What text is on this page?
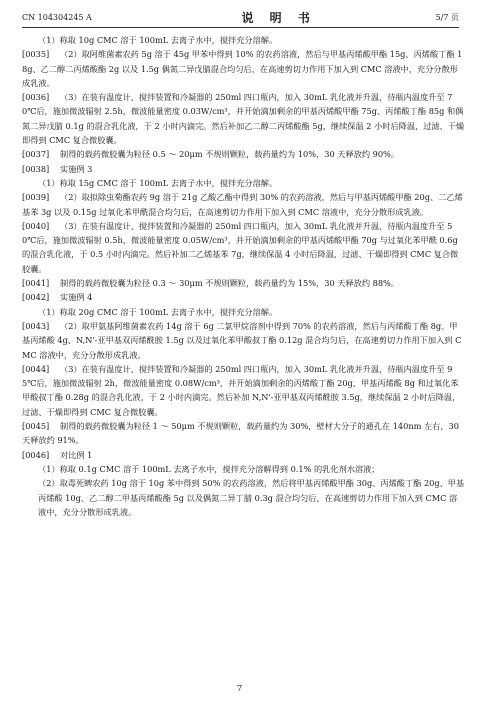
CN 104304245 A	说 明 书	5/7 页

（1）称取 10g CMC 溶于 100mL 去离子水中，搅拌充分溶解。

[0035] （2）取阿维菌素农药 5g 溶于 45g 甲苯中得到 10% 的农药溶液，然后与甲基丙烯酸甲酯 15g、丙烯酸丁酯 18g、乙二醇二丙烯酸酯 2g 以及 1.5g 偶氮二异戊腈混合均匀后，在高速剪切力作用下加入到 CMC 溶液中，充分分散形成乳液。

[0036] （3）在装有温度计、搅拌装置和冷凝器的 250ml 四口瓶内，加入 30mL 乳化液并升温，待瓶内温度升至 70℃后，施加微波辐射 2.5h，微波能量密度 0.03W/cm³，并开始滴加剩余的甲基丙烯酸甲酯 75g、丙烯酸丁酯 85g 和偶氮二异戊腈 0.1g 的混合乳化液，于 2 小时内滴完。然后补加乙二醇二丙烯酸酯 5g，继续保温 2 小时后降温，过滤、干燥即得到 CMC 复合微胶囊。

[0037] 制得的载药微胶囊为粒径 0.5 ～ 20μm 不规则颗粒，载药量约为 10%，30 天释放约 90%。

[0038] 实施例 3

（1）称取 15g CMC 溶于 100mL 去离子水中，搅拌充分溶解。

[0039] （2）取拟除虫菊酯农药 9g 溶于 21g 乙酸乙酯中得到 30% 的农药溶液，然后与甲基丙烯酸甲酯 20g、二乙烯基苯 3g 以及 0.15g 过氧化苯甲酰混合均匀后，在高速剪切力作用下加入到 CMC 溶液中，充分分散形成乳液。

[0040] （3）在装有温度计、搅拌装置和冷凝器的 250ml 四口瓶内，加入 30mL 乳化液并升温，待瓶内温度升至 50℃后，施加微波辐射 0.5h，微波能量密度 0.05W/cm³，并开始滴加剩余的甲基丙烯酸甲酯 70g 与过氧化苯甲酰 0.6g 的混合乳化液，于 0.5 小时内滴完。然后补加二乙烯基苯 7g，继续保温 4 小时后降温，过滤、干燥即得到 CMC 复合微胶囊。

[0041] 制得的载药微胶囊为粒径 0.3 ～ 30μm 不规则颗粒，载药量约为 15%，30 天释放约 88%。

[0042] 实施例 4

（1）称取 20g CMC 溶于 100mL 去离子水中，搅拌充分溶解。

[0043] （2）取甲氨基阿维菌素农药 14g 溶于 6g 二氯甲烷溶剂中得到 70% 的农药溶液，然后与丙烯酸丁酯 8g、甲基丙烯酸 4g、N,N'-亚甲基双丙烯酰胺 1.5g 以及过氧化苯甲酸叔丁酯 0.12g 混合均匀后，在高速剪切力作用下加入到 CMC 溶液中，充分分散形成乳液。

[0044] （3）在装有温度计、搅拌装置和冷凝器的 250ml 四口瓶内，加入 30mL 乳化液并升温，待瓶内温度升至 95℃后，施加微波辐射 2h，微波能量密度 0.08W/cm³，并开始滴加剩余的丙烯酸丁酯 20g、甲基丙烯酸 8g 和过氧化苯甲酸叔丁酯 0.28g 的混合乳化液，于 2 小时内滴完。然后补加 N,N'-亚甲基双丙烯酰胺 3.5g，继续保温 2 小时后降温，过滤、干燥即得到 CMC 复合微胶囊。

[0045] 制得的载药微胶囊为粒径 1 ～ 50μm 不规则颗粒，载药量约为 30%，壁材大分子的通孔在 140nm 左右，30 天释放约 91%。

[0046] 对比例 1

（1）称取 0.1g CMC 溶于 100mL 去离子水中，搅拌充分溶解得到 0.1% 的乳化剂水溶液；

（2）取毒死蜱农药 10g 溶于 10g 苯中得到 50% 的农药溶液，然后将甲基丙烯酸甲酯 30g、丙烯酸丁酯 20g、甲基丙烯酸 10g、乙二醇二甲基丙烯酸酯 5g 以及偶氮二异丁腈 0.3g 混合均匀后，在高速剪切力作用下加入到 CMC 溶液中，充分分散形成乳液。

7
